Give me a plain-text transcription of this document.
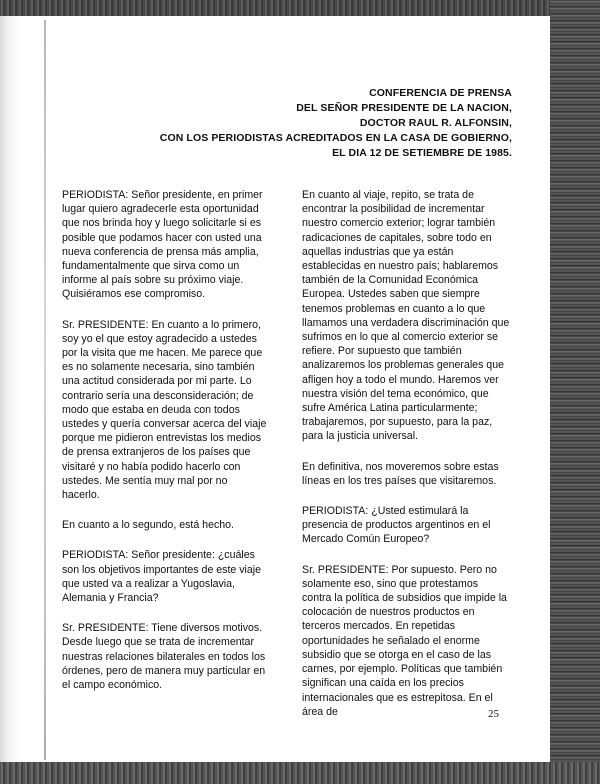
CONFERENCIA DE PRENSA
DEL SEÑOR PRESIDENTE DE LA NACION,
DOCTOR RAUL R. ALFONSIN,
CON LOS PERIODISTAS ACREDITADOS EN LA CASA DE GOBIERNO,
EL DIA 12 DE SETIEMBRE DE 1985.

PERIODISTA: Señor presidente, en primer lugar quiero agradecerle esta oportunidad que nos brinda hoy y luego solicitarle si es posible que podamos hacer con usted una nueva conferencia de prensa más amplia, fundamentalmente que sirva como un informe al país sobre su próximo viaje. Quisiéramos ese compromiso.

Sr. PRESIDENTE: En cuanto a lo primero, soy yo el que estoy agradecido a ustedes por la visita que me hacen. Me parece que es no solamente necesaria, sino también una actitud considerada por mi parte. Lo contrario sería una desconsideración; de modo que estaba en deuda con todos ustedes y quería conversar acerca del viaje porque me pidieron entrevistas los medios de prensa extranjeros de los países que visitaré y no había podido hacerlo con ustedes. Me sentía muy mal por no hacerlo.

En cuanto a lo segundo, está hecho.

PERIODISTA: Señor presidente: ¿cuáles son los objetivos importantes de este viaje que usted va a realizar a Yugoslavia, Alemania y Francia?

Sr. PRESIDENTE: Tiene diversos motivos. Desde luego que se trata de incrementar nuestras relaciones bilaterales en todos los órdenes, pero de manera muy particular en el campo económico.

En cuanto al viaje, repito, se trata de encontrar la posibilidad de incrementar nuestro comercio exterior; lograr también radicaciones de capitales, sobre todo en aquellas industrias que ya están establecidas en nuestro país; hablaremos también de la Comunidad Económica Europea. Ustedes saben que siempre tenemos problemas en cuanto a lo que llamamos una verdadera discriminación que sufrimos en lo que al comercio exterior se refiere. Por supuesto que también analizaremos los problemas generales que afligen hoy a todo el mundo. Haremos ver nuestra visión del tema económico, que sufre América Latina particularmente; trabajaremos, por supuesto, para la paz, para la justicia universal.

En definitiva, nos moveremos sobre estas líneas en los tres países que visitaremos.

PERIODISTA: ¿Usted estimulará la presencia de productos argentinos en el Mercado Común Europeo?

Sr. PRESIDENTE: Por supuesto. Pero no solamente eso, sino que protestamos contra la política de subsidios que impide la colocación de nuestros productos en terceros mercados. En repetidas oportunidades he señalado el enorme subsidio que se otorga en el caso de las carnes, por ejemplo. Políticas que también significan una caída en los precios internacionales que es estrepitosa. En el área de	25
